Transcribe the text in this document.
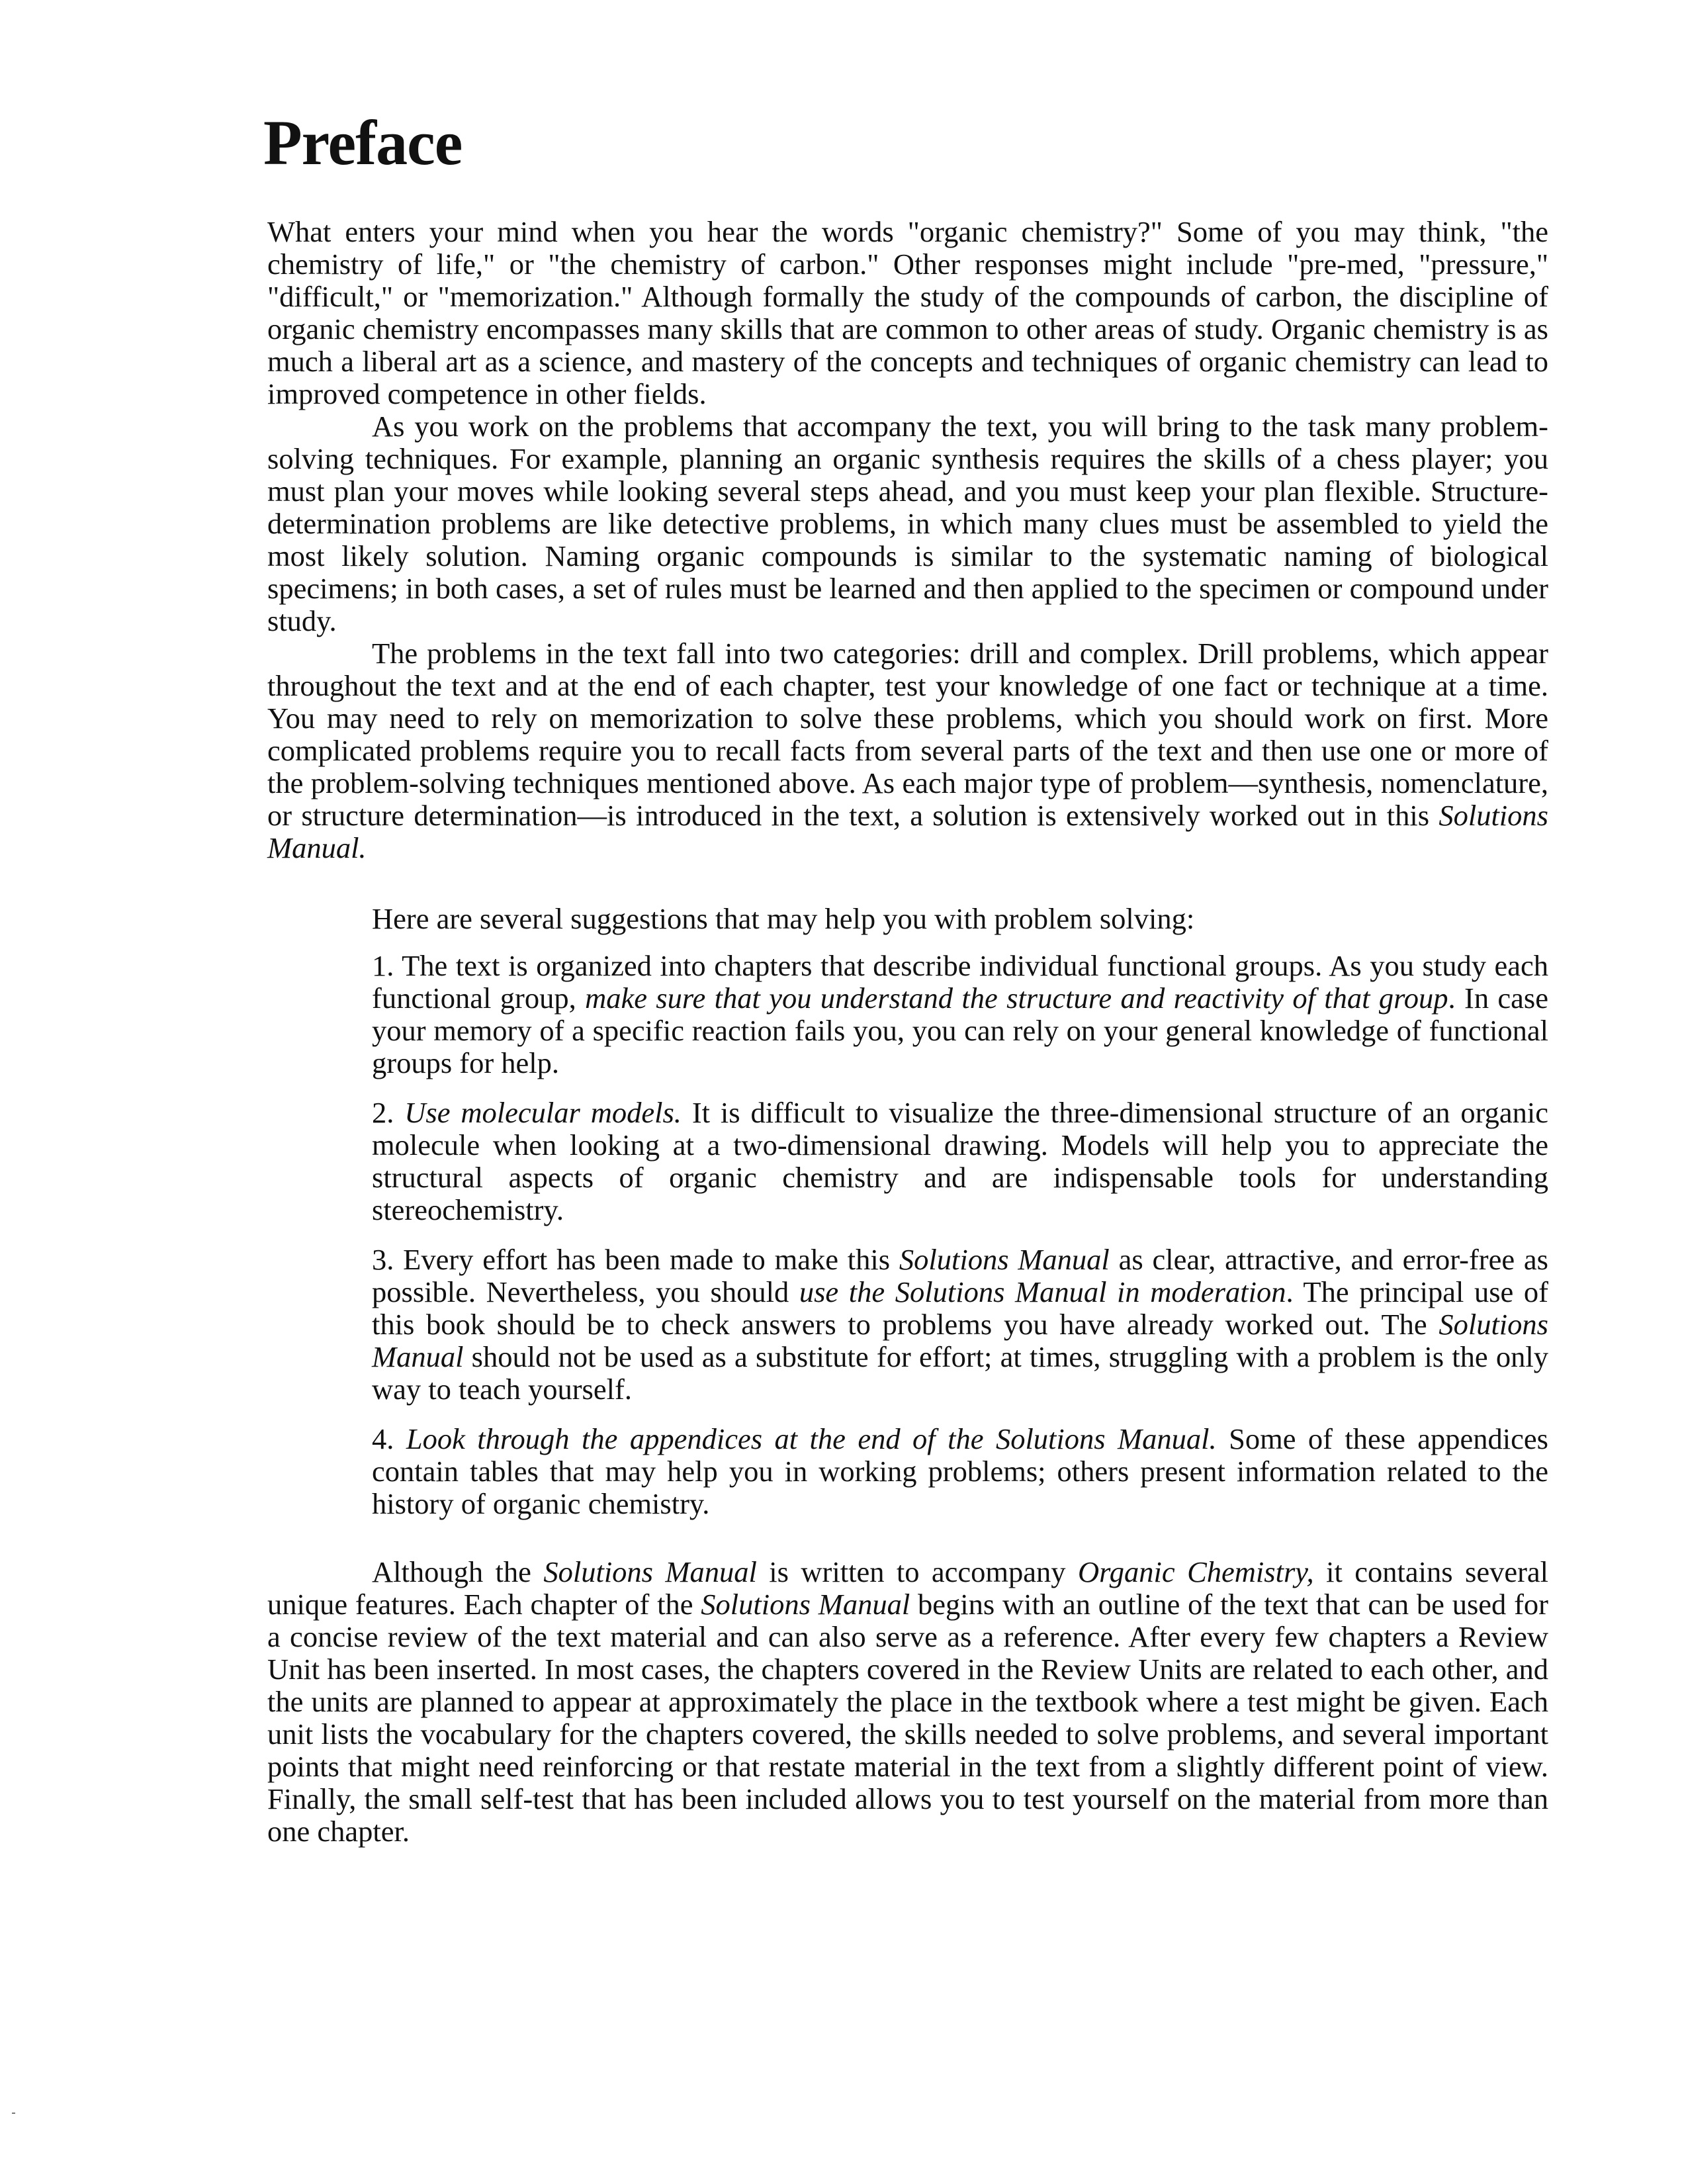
Preface

What enters your mind when you hear the words "organic chemistry?" Some of you may think, "the chemistry of life," or "the chemistry of carbon." Other responses might include "pre-med, "pressure," "difficult," or "memorization." Although formally the study of the compounds of carbon, the discipline of organic chemistry encompasses many skills that are common to other areas of study. Organic chemistry is as much a liberal art as a science, and mastery of the concepts and techniques of organic chemistry can lead to improved competence in other fields.

As you work on the problems that accompany the text, you will bring to the task many problem-solving techniques. For example, planning an organic synthesis requires the skills of a chess player; you must plan your moves while looking several steps ahead, and you must keep your plan flexible. Structure-determination problems are like detective problems, in which many clues must be assembled to yield the most likely solution. Naming organic compounds is similar to the systematic naming of biological specimens; in both cases, a set of rules must be learned and then applied to the specimen or compound under study.

The problems in the text fall into two categories: drill and complex. Drill problems, which appear throughout the text and at the end of each chapter, test your knowledge of one fact or technique at a time. You may need to rely on memorization to solve these problems, which you should work on first. More complicated problems require you to recall facts from several parts of the text and then use one or more of the problem-solving techniques mentioned above. As each major type of problem—synthesis, nomenclature, or structure determination—is introduced in the text, a solution is extensively worked out in this Solutions Manual.

Here are several suggestions that may help you with problem solving:

1. The text is organized into chapters that describe individual functional groups. As you study each functional group, make sure that you understand the structure and reactivity of that group. In case your memory of a specific reaction fails you, you can rely on your general knowledge of functional groups for help.

2. Use molecular models. It is difficult to visualize the three-dimensional structure of an organic molecule when looking at a two-dimensional drawing. Models will help you to appreciate the structural aspects of organic chemistry and are indispensable tools for understanding stereochemistry.

3. Every effort has been made to make this Solutions Manual as clear, attractive, and error-free as possible. Nevertheless, you should use the Solutions Manual in moderation. The principal use of this book should be to check answers to problems you have already worked out. The Solutions Manual should not be used as a substitute for effort; at times, struggling with a problem is the only way to teach yourself.

4. Look through the appendices at the end of the Solutions Manual. Some of these appendices contain tables that may help you in working problems; others present information related to the history of organic chemistry.

Although the Solutions Manual is written to accompany Organic Chemistry, it contains several unique features. Each chapter of the Solutions Manual begins with an outline of the text that can be used for a concise review of the text material and can also serve as a reference. After every few chapters a Review Unit has been inserted. In most cases, the chapters covered in the Review Units are related to each other, and the units are planned to appear at approximately the place in the textbook where a test might be given. Each unit lists the vocabulary for the chapters covered, the skills needed to solve problems, and several important points that might need reinforcing or that restate material in the text from a slightly different point of view. Finally, the small self-test that has been included allows you to test yourself on the material from more than one chapter.
